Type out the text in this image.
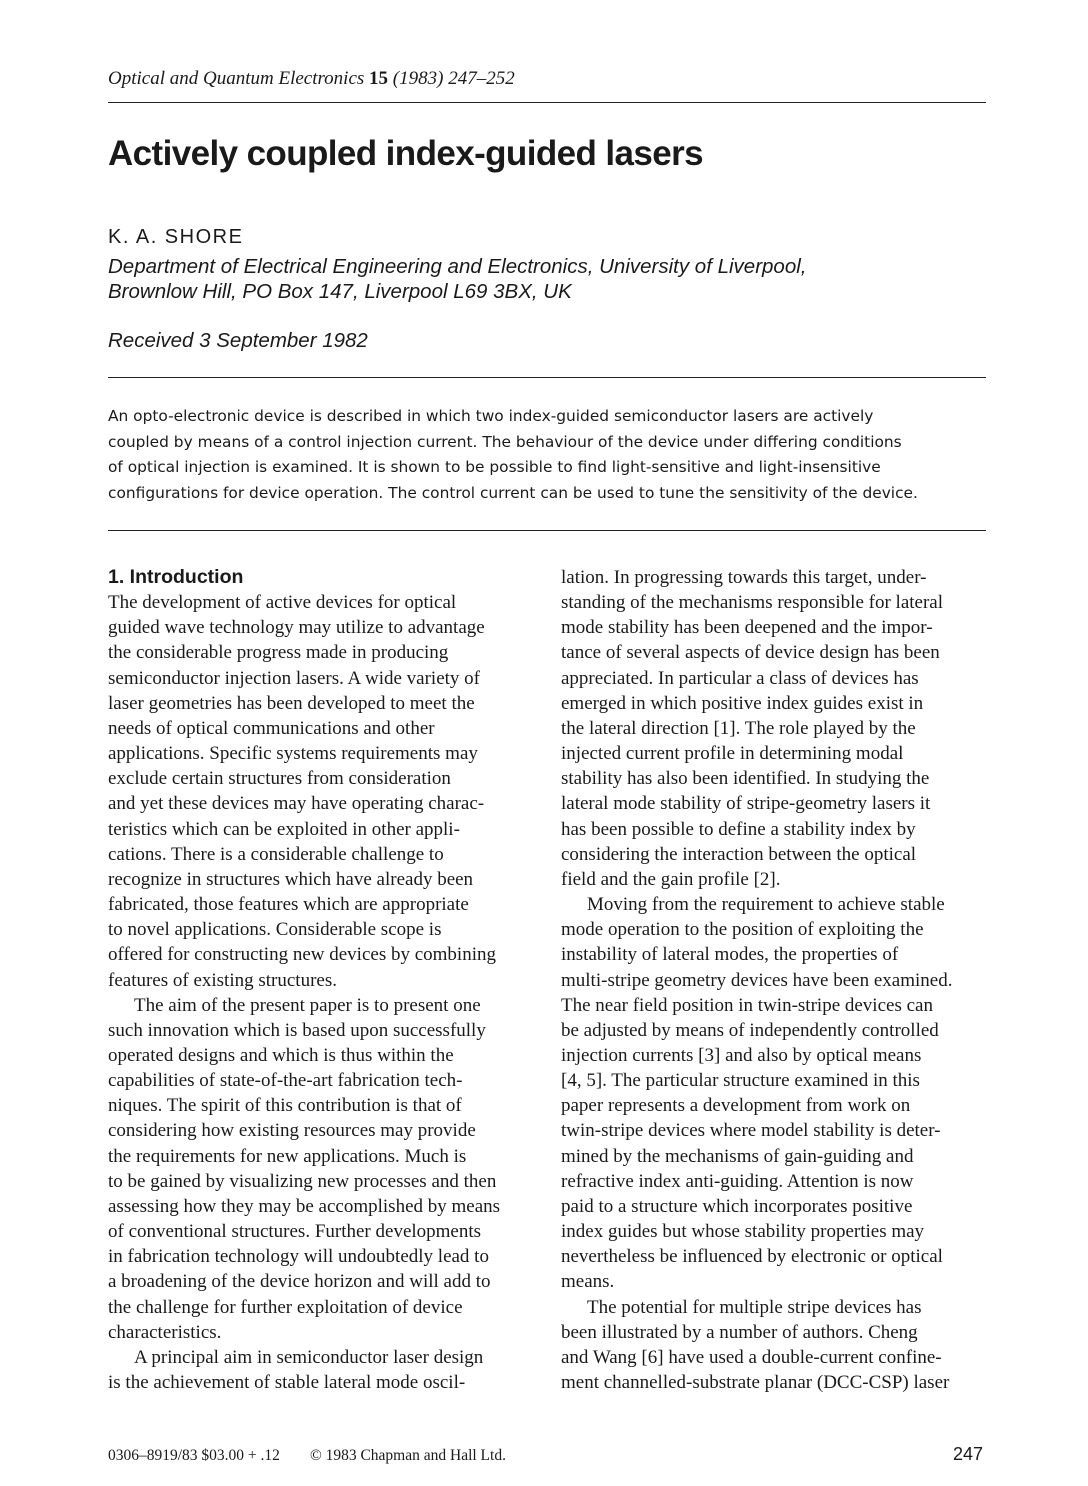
Optical and Quantum Electronics 15 (1983) 247–252
Actively coupled index-guided lasers
K. A. SHORE
Department of Electrical Engineering and Electronics, University of Liverpool,
Brownlow Hill, PO Box 147, Liverpool L69 3BX, UK
Received 3 September 1982
An opto-electronic device is described in which two index-guided semiconductor lasers are actively
coupled by means of a control injection current. The behaviour of the device under differing conditions
of optical injection is examined. It is shown to be possible to find light-sensitive and light-insensitive
configurations for device operation. The control current can be used to tune the sensitivity of the device.
1. Introduction
The development of active devices for optical
guided wave technology may utilize to advantage
the considerable progress made in producing
semiconductor injection lasers. A wide variety of
laser geometries has been developed to meet the
needs of optical communications and other
applications. Specific systems requirements may
exclude certain structures from consideration
and yet these devices may have operating charac-
teristics which can be exploited in other appli-
cations. There is a considerable challenge to
recognize in structures which have already been
fabricated, those features which are appropriate
to novel applications. Considerable scope is
offered for constructing new devices by combining
features of existing structures.
The aim of the present paper is to present one
such innovation which is based upon successfully
operated designs and which is thus within the
capabilities of state-of-the-art fabrication tech-
niques. The spirit of this contribution is that of
considering how existing resources may provide
the requirements for new applications. Much is
to be gained by visualizing new processes and then
assessing how they may be accomplished by means
of conventional structures. Further developments
in fabrication technology will undoubtedly lead to
a broadening of the device horizon and will add to
the challenge for further exploitation of device
characteristics.
A principal aim in semiconductor laser design
is the achievement of stable lateral mode oscil-
lation. In progressing towards this target, under-
standing of the mechanisms responsible for lateral
mode stability has been deepened and the impor-
tance of several aspects of device design has been
appreciated. In particular a class of devices has
emerged in which positive index guides exist in
the lateral direction [1]. The role played by the
injected current profile in determining modal
stability has also been identified. In studying the
lateral mode stability of stripe-geometry lasers it
has been possible to define a stability index by
considering the interaction between the optical
field and the gain profile [2].
Moving from the requirement to achieve stable
mode operation to the position of exploiting the
instability of lateral modes, the properties of
multi-stripe geometry devices have been examined.
The near field position in twin-stripe devices can
be adjusted by means of independently controlled
injection currents [3] and also by optical means
[4, 5]. The particular structure examined in this
paper represents a development from work on
twin-stripe devices where model stability is deter-
mined by the mechanisms of gain-guiding and
refractive index anti-guiding. Attention is now
paid to a structure which incorporates positive
index guides but whose stability properties may
nevertheless be influenced by electronic or optical
means.
The potential for multiple stripe devices has
been illustrated by a number of authors. Cheng
and Wang [6] have used a double-current confine-
ment channelled-substrate planar (DCC-CSP) laser
0306–8919/83 $03.00 + .12 © 1983 Chapman and Hall Ltd.	247
